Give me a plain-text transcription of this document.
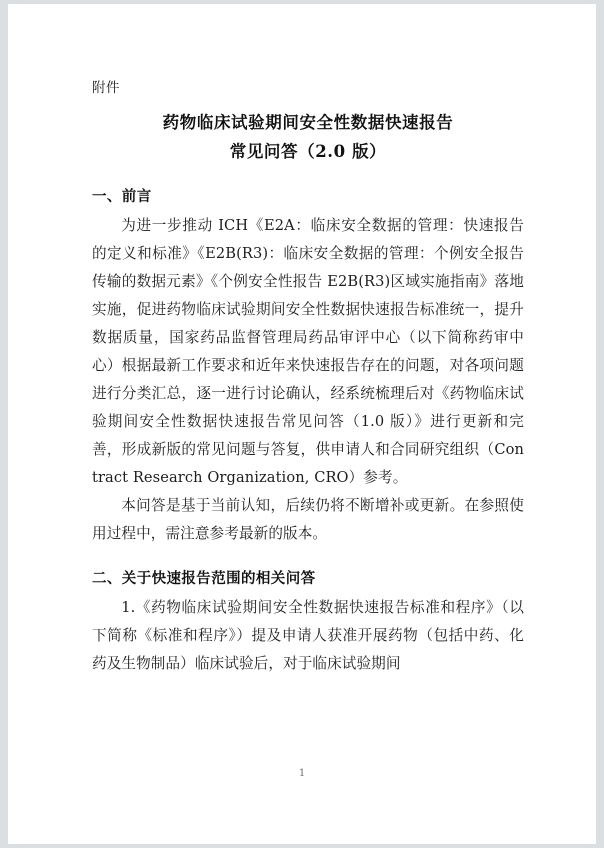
附件
药物临床试验期间安全性数据快速报告
常见问答（2.0 版）
一、前言

为进一步推动 ICH《E2A：临床安全数据的管理：快速报告的定义和标准》《E2B(R3)：临床安全数据的管理：个例安全报告传输的数据元素》《个例安全性报告 E2B(R3)区域实施指南》落地实施，促进药物临床试验期间安全性数据快速报告标准统一，提升数据质量，国家药品监督管理局药品审评中心（以下简称药审中心）根据最新工作要求和近年来快速报告存在的问题，对各项问题进行分类汇总，逐一进行讨论确认，经系统梳理后对《药物临床试验期间安全性数据快速报告常见问答（1.0 版）》进行更新和完善，形成新版的常见问题与答复，供申请人和合同研究组织（Contract Research Organization, CRO）参考。

本问答是基于当前认知，后续仍将不断增补或更新。在参照使用过程中，需注意参考最新的版本。

二、关于快速报告范围的相关问答

1.《药物临床试验期间安全性数据快速报告标准和程序》（以下简称《标准和程序》）提及申请人获准开展药物（包括中药、化药及生物制品）临床试验后，对于临床试验期间

1
